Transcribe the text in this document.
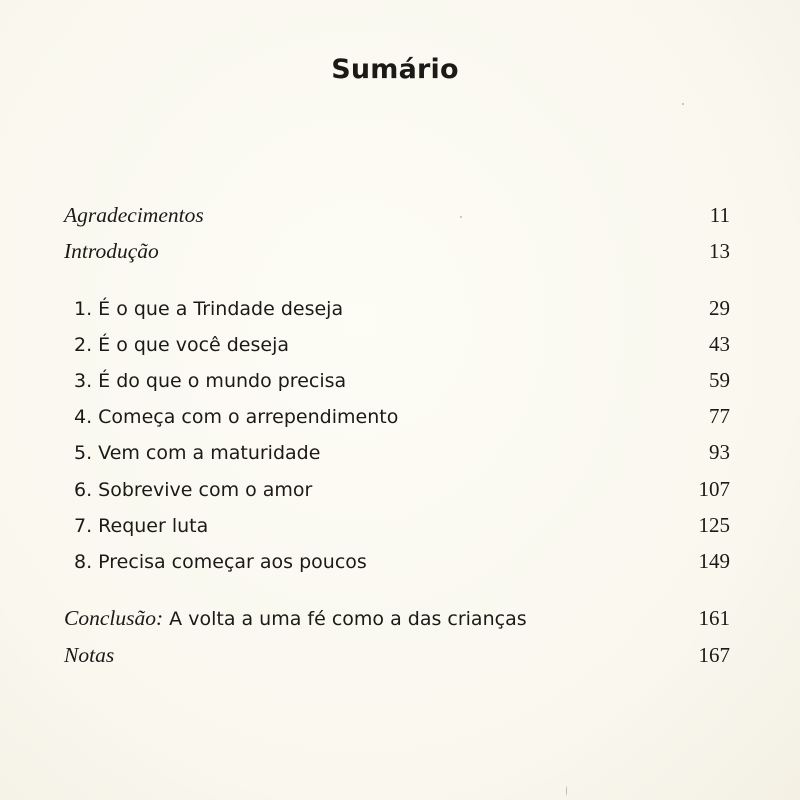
Sumário
Agradecimentos	11
Introdução	13
1. É o que a Trindade deseja	29
2. É o que você deseja	43
3. É do que o mundo precisa	59
4. Começa com o arrependimento	77
5. Vem com a maturidade	93
6. Sobrevive com o amor	107
7. Requer luta	125
8. Precisa começar aos poucos	149
Conclusão: A volta a uma fé como a das crianças	161
Notas	167
